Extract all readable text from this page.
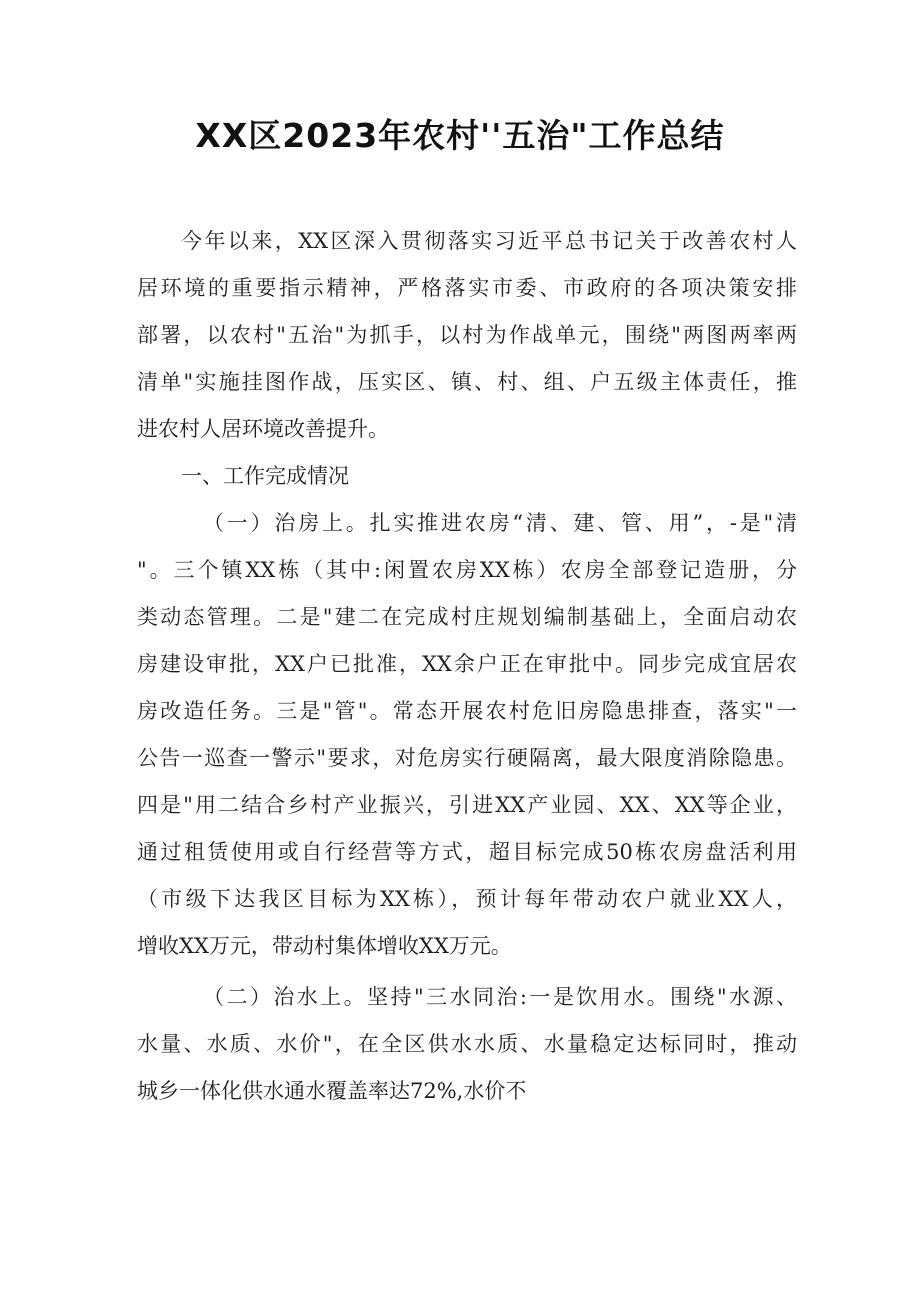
XX区2023年农村''五治"工作总结
今年以来，XX区深入贯彻落实习近平总书记关于改善农村人
居环境的重要指示精神，严格落实市委、市政府的各项决策安排
部署，以农村"五治"为抓手，以村为作战单元，围绕"两图两率两
清单"实施挂图作战，压实区、镇、村、组、户五级主体责任，推
进农村人居环境改善提升。
一、工作完成情况
（一）治房上。扎实推进农房“清、建、管、用”，-是"清
"。三个镇XX栋（其中:闲置农房XX栋）农房全部登记造册，分
类动态管理。二是"建二在完成村庄规划编制基础上，全面启动农
房建设审批，XX户已批准，XX余户正在审批中。同步完成宜居农
房改造任务。三是"管"。常态开展农村危旧房隐患排查，落实"一
公告一巡查一警示"要求，对危房实行硬隔离，最大限度消除隐患。
四是"用二结合乡村产业振兴，引进XX产业园、XX、XX等企业，
通过租赁使用或自行经营等方式，超目标完成50栋农房盘活利用
（市级下达我区目标为XX栋），预计每年带动农户就业XX人，
增收XX万元，带动村集体增收XX万元。
（二）治水上。坚持"三水同治:一是饮用水。围绕"水源、
水量、水质、水价"，在全区供水水质、水量稳定达标同时，推动
城乡一体化供水通水覆盖率达72%,水价不
